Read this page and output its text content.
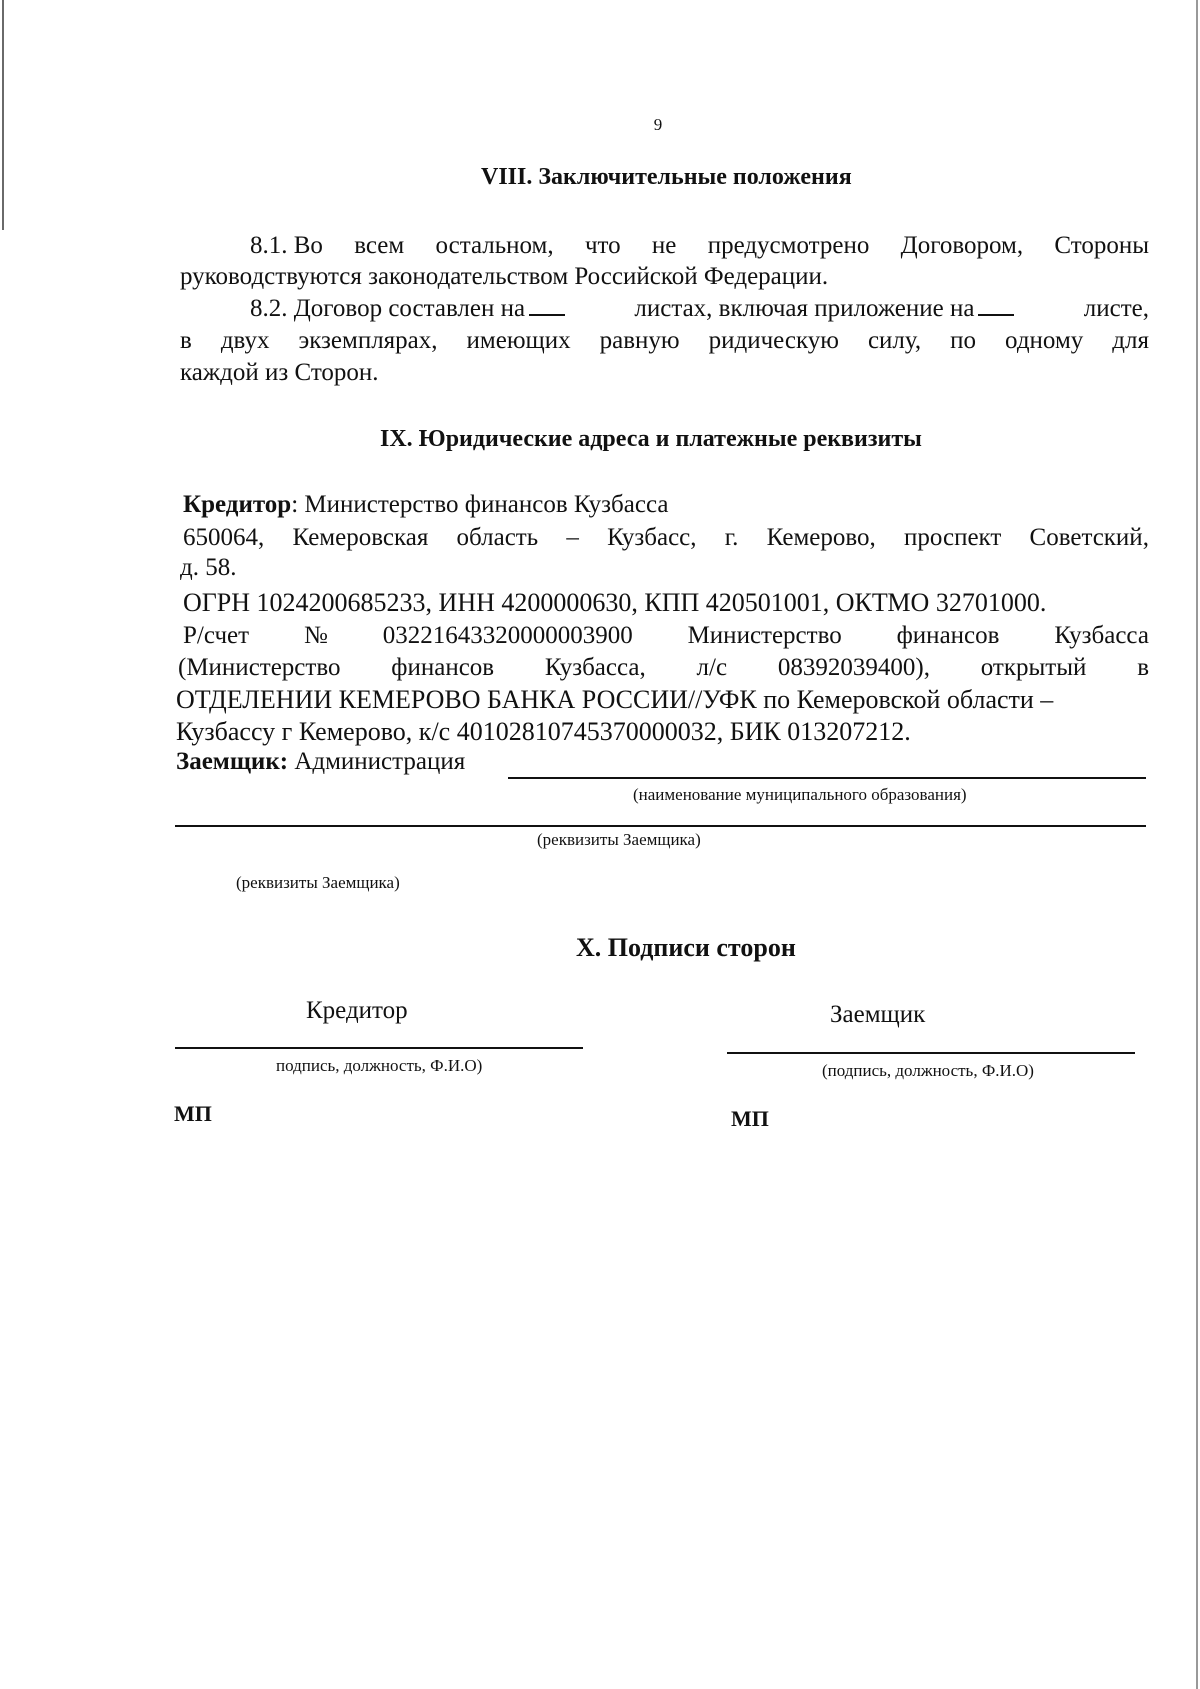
9
VIII. Заключительные положения
8.1. Во всем остальном, что не предусмотрено Договором, Стороны
руководствуются законодательством Российской Федерации.
8.2. Договор составлен на	листах, включая приложение на	листе,
в двух экземплярах, имеющих равную ридическую силу, по одному для
каждой из Сторон.
IX. Юридические адреса и платежные реквизиты
Кредитор: Министерство финансов Кузбасса
650064, Кемеровская область – Кузбасс, г. Кемерово, проспект Советский,
д. 58.
ОГРН 1024200685233, ИНН 4200000630, КПП 420501001, ОКТМО 32701000.
Р/счет № 03221643320000003900 Министерство финансов Кузбасса
(Министерство финансов Кузбасса, л/с 08392039400), открытый в
ОТДЕЛЕНИИ КЕМЕРОВО БАНКА РОССИИ//УФК по Кемеровской области –
Кузбассу г Кемерово, к/с 40102810745370000032, БИК 013207212.
Заемщик: Администрация
(наименование муниципального образования)
(реквизиты Заемщика)
(реквизиты Заемщика)
X. Подписи сторон
Кредитор	Заемщик
подпись, должность, Ф.И.О)	(подпись, должность, Ф.И.О)
МП	МП
